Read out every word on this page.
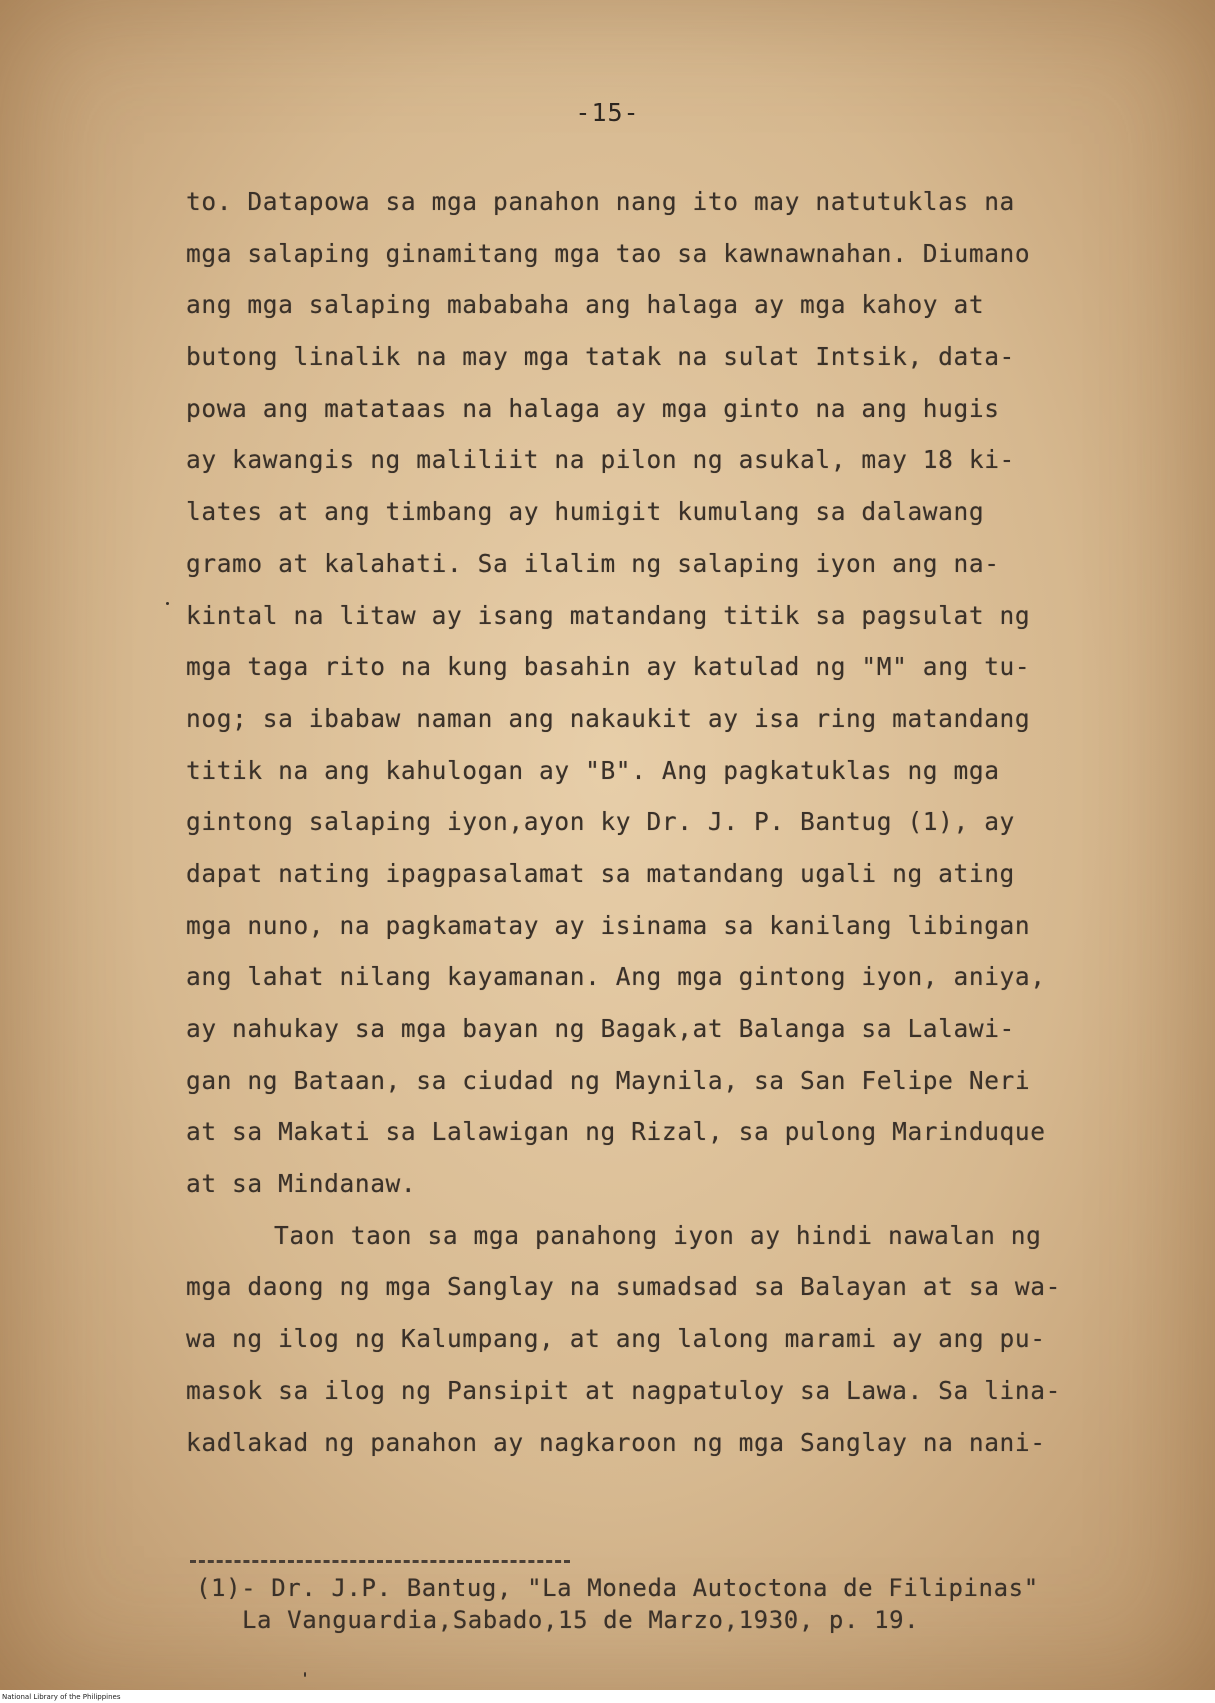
-15-
to. Datapowa sa mga panahon nang ito may natutuklas na
mga salaping ginamitang mga tao sa kawnawnahan. Diumano
ang mga salaping mababaha ang halaga ay mga kahoy at
butong linalik na may mga tatak na sulat Intsik, data-
powa ang matataas na halaga ay mga ginto na ang hugis
ay kawangis ng maliliit na pilon ng asukal, may 18 ki-
lates at ang timbang ay humigit kumulang sa dalawang
gramo at kalahati. Sa ilalim ng salaping iyon ang na-
kintal na litaw ay isang matandang titik sa pagsulat ng
mga taga rito na kung basahin ay katulad ng "M" ang tu-
nog; sa ibabaw naman ang nakaukit ay isa ring matandang
titik na ang kahulogan ay "B". Ang pagkatuklas ng mga
gintong salaping iyon,ayon ky Dr. J. P. Bantug (1), ay
dapat nating ipagpasalamat sa matandang ugali ng ating
mga nuno, na pagkamatay ay isinama sa kanilang libingan
ang lahat nilang kayamanan. Ang mga gintong iyon, aniya,
ay nahukay sa mga bayan ng Bagak,at Balanga sa Lalawi-
gan ng Bataan, sa ciudad ng Maynila, sa San Felipe Neri
at sa Makati sa Lalawigan ng Rizal, sa pulong Marinduque
at sa Mindanaw.
Taon taon sa mga panahong iyon ay hindi nawalan ng
mga daong ng mga Sanglay na sumadsad sa Balayan at sa wa-
wa ng ilog ng Kalumpang, at ang lalong marami ay ang pu-
masok sa ilog ng Pansipit at nagpatuloy sa Lawa. Sa lina-
kadlakad ng panahon ay nagkaroon ng mga Sanglay na nani-
(1)- Dr. J.P. Bantug, "La Moneda Autoctona de Filipinas"
La Vanguardia,Sabado,15 de Marzo,1930, p. 19.
National Library of the Philippines
